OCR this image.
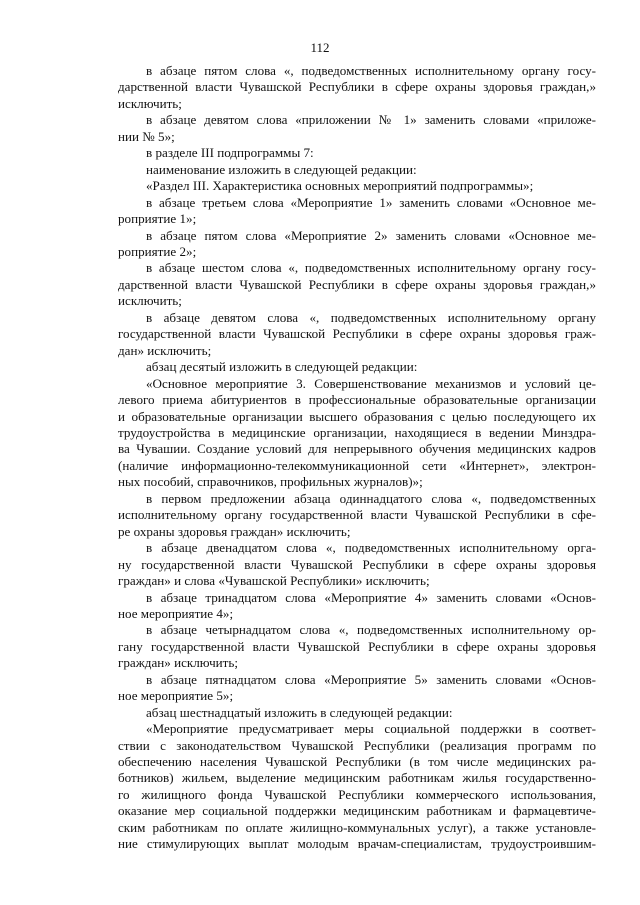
112
в абзаце пятом слова «, подведомственных исполнительному органу госу-
дарственной власти Чувашской Республики в сфере охраны здоровья граждан,»
исключить;
в абзаце девятом слова «приложении № 1» заменить словами «приложе-
нии № 5»;
в разделе III подпрограммы 7:
наименование изложить в следующей редакции:
«Раздел III. Характеристика основных мероприятий подпрограммы»;
в абзаце третьем слова «Мероприятие 1» заменить словами «Основное ме-
роприятие 1»;
в абзаце пятом слова «Мероприятие 2» заменить словами «Основное ме-
роприятие 2»;
в абзаце шестом слова «, подведомственных исполнительному органу госу-
дарственной власти Чувашской Республики в сфере охраны здоровья граждан,»
исключить;
в абзаце девятом слова «, подведомственных исполнительному органу
государственной власти Чувашской Республики в сфере охраны здоровья граж-
дан» исключить;
абзац десятый изложить в следующей редакции:
«Основное мероприятие 3. Совершенствование механизмов и условий це-
левого приема абитуриентов в профессиональные образовательные организации
и образовательные организации высшего образования с целью последующего их
трудоустройства в медицинские организации, находящиеся в ведении Минздра-
ва Чувашии. Создание условий для непрерывного обучения медицинских кадров
(наличие информационно-телекоммуникационной сети «Интернет», электрон-
ных пособий, справочников, профильных журналов)»;
в первом предложении абзаца одиннадцатого слова «, подведомственных
исполнительному органу государственной власти Чувашской Республики в сфе-
ре охраны здоровья граждан» исключить;
в абзаце двенадцатом слова «, подведомственных исполнительному орга-
ну государственной власти Чувашской Республики в сфере охраны здоровья
граждан» и слова «Чувашской Республики» исключить;
в абзаце тринадцатом слова «Мероприятие 4» заменить словами «Основ-
ное мероприятие 4»;
в абзаце четырнадцатом слова «, подведомственных исполнительному ор-
гану государственной власти Чувашской Республики в сфере охраны здоровья
граждан» исключить;
в абзаце пятнадцатом слова «Мероприятие 5» заменить словами «Основ-
ное мероприятие 5»;
абзац шестнадцатый изложить в следующей редакции:
«Мероприятие предусматривает меры социальной поддержки в соответ-
ствии с законодательством Чувашской Республики (реализация программ по
обеспечению населения Чувашской Республики (в том числе медицинских ра-
ботников) жильем, выделение медицинским работникам жилья государственно-
го жилищного фонда Чувашской Республики коммерческого использования,
оказание мер социальной поддержки медицинским работникам и фармацевтиче-
ским работникам по оплате жилищно-коммунальных услуг), а также установле-
ние стимулирующих выплат молодым врачам-специалистам, трудоустроившим-
